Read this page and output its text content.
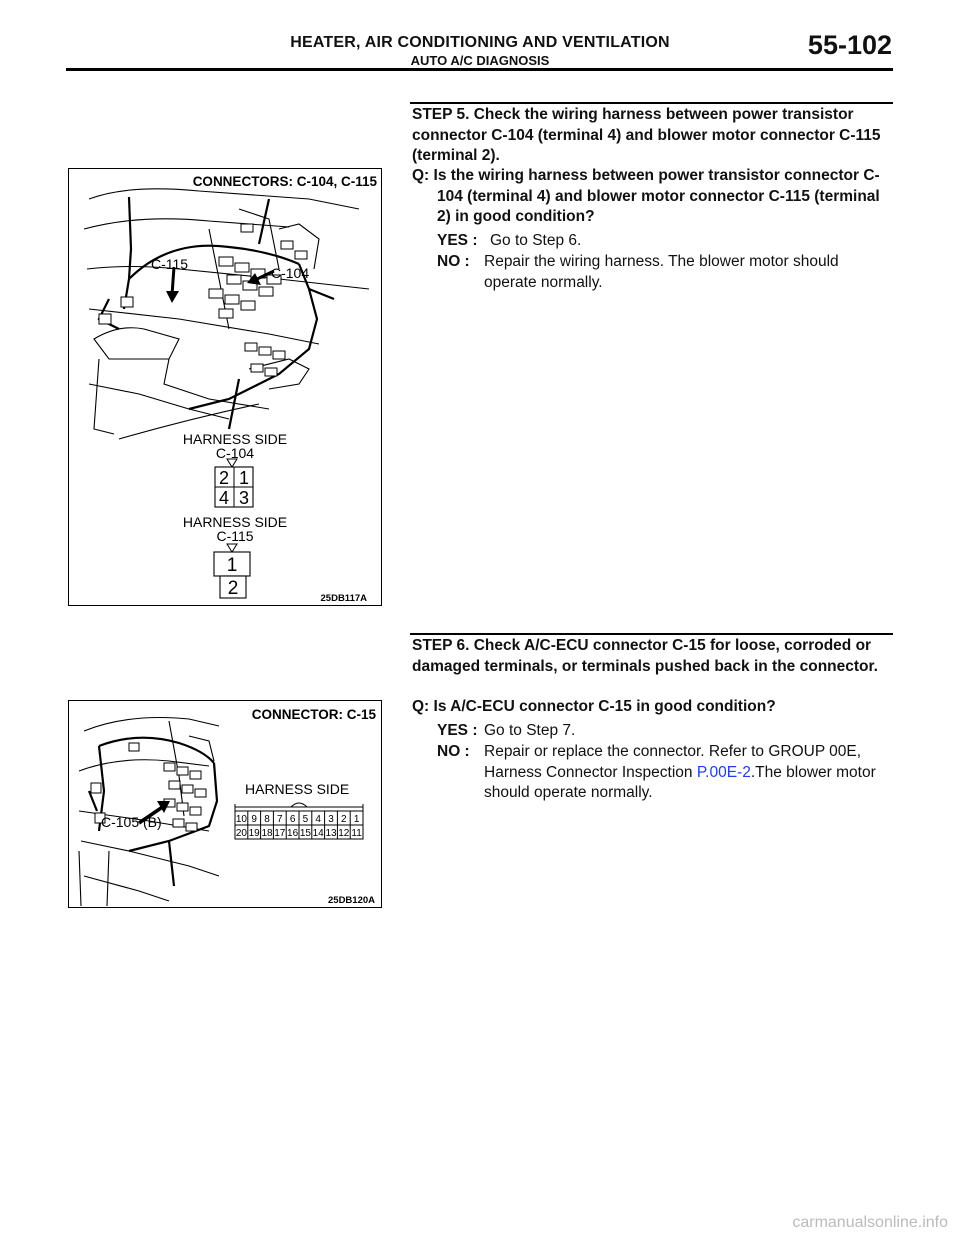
HEATER, AIR CONDITIONING AND VENTILATION
AUTO A/C DIAGNOSIS
55-102
STEP 5. Check the wiring harness between power transistor connector C-104 (terminal 4) and blower motor connector C-115 (terminal 2).
Q: Is the wiring harness between power transistor connector C-104 (terminal 4) and blower motor connector C-115 (terminal 2) in good condition?
YES : Go to Step 6.
NO : Repair the wiring harness. The blower motor should operate normally.
STEP 6. Check A/C-ECU connector C-15 for loose, corroded or damaged terminals, or terminals pushed back in the connector.
Q: Is A/C-ECU connector C-15 in good condition?
YES : Go to Step 7.
NO : Repair or replace the connector. Refer to GROUP 00E, Harness Connector Inspection P.00E-2.The blower motor should operate normally.
CONNECTORS: C-104, C-115
C-115
C-104
HARNESS SIDE
C-104
2 1
4 3
HARNESS SIDE
C-115
1
2	25DB117A
10 9 8 7 6 5 4 3 2 1
20 19 18 17 16 15 14 13 12 11
CONNECTOR: C-15
HARNESS SIDE
C-105 (B)
25DB120A
carmanualsonline.info
